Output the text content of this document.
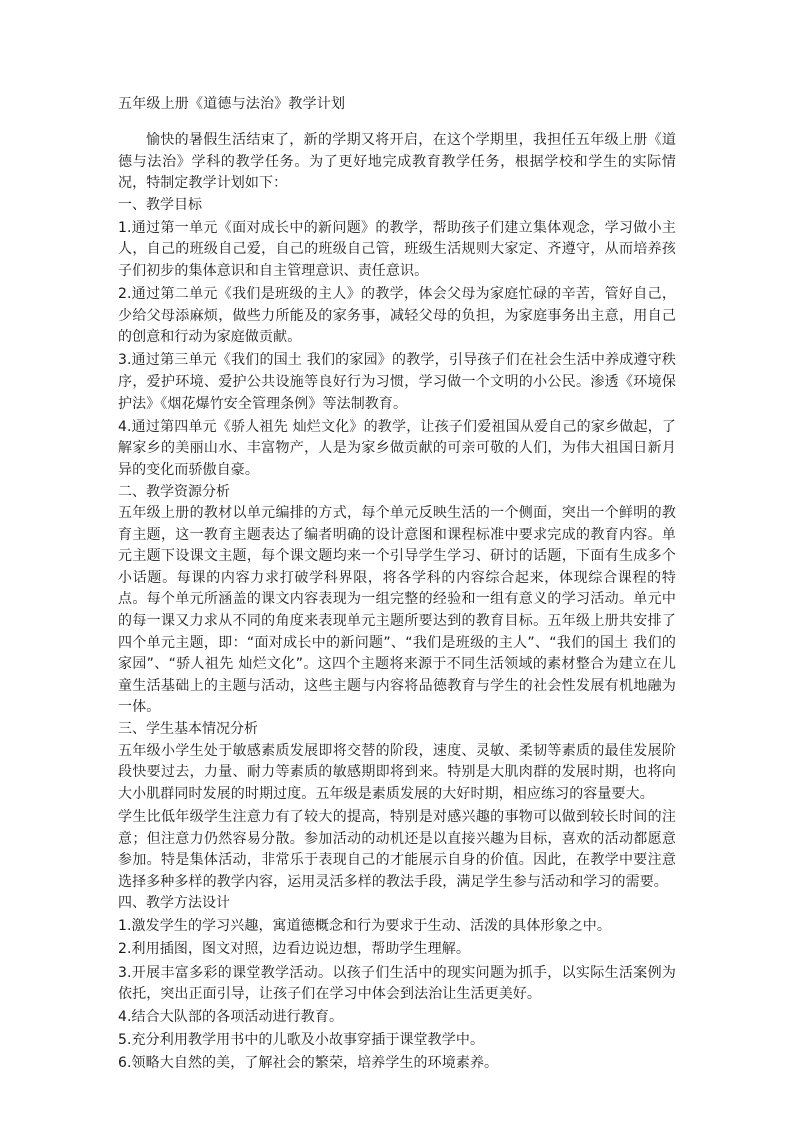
五年级上册《道德与法治》教学计划

愉快的暑假生活结束了，新的学期又将开启，在这个学期里，我担任五年级上册《道德与法治》学科的教学任务。为了更好地完成教育教学任务，根据学校和学生的实际情况，特制定教学计划如下：

一、教学目标

1.通过第一单元《面对成长中的新问题》的教学，帮助孩子们建立集体观念，学习做小主人，自己的班级自己爱，自己的班级自己管，班级生活规则大家定、齐遵守，从而培养孩子们初步的集体意识和自主管理意识、责任意识。

2.通过第二单元《我们是班级的主人》的教学，体会父母为家庭忙碌的辛苦，管好自己，少给父母添麻烦，做些力所能及的家务事，减轻父母的负担，为家庭事务出主意，用自己的创意和行动为家庭做贡献。

3.通过第三单元《我们的国土 我们的家园》的教学，引导孩子们在社会生活中养成遵守秩序，爱护环境、爱护公共设施等良好行为习惯，学习做一个文明的小公民。渗透《环境保护法》《烟花爆竹安全管理条例》等法制教育。

4.通过第四单元《骄人祖先 灿烂文化》的教学，让孩子们爱祖国从爱自己的家乡做起，了解家乡的美丽山水、丰富物产，人是为家乡做贡献的可亲可敬的人们，为伟大祖国日新月异的变化而骄傲自豪。

二、教学资源分析

五年级上册的教材以单元编排的方式，每个单元反映生活的一个侧面，突出一个鲜明的教育主题，这一教育主题表达了编者明确的设计意图和课程标准中要求完成的教育内容。单元主题下设课文主题，每个课文题均来一个引导学生学习、研讨的话题，下面有生成多个小话题。每课的内容力求打破学科界限，将各学科的内容综合起来，体现综合课程的特点。每个单元所涵盖的课文内容表现为一组完整的经验和一组有意义的学习活动。单元中的每一课又力求从不同的角度来表现单元主题所要达到的教育目标。五年级上册共安排了四个单元主题，即：“面对成长中的新问题”、“我们是班级的主人”、“我们的国土 我们的家园”、“骄人祖先 灿烂文化”。这四个主题将来源于不同生活领域的素材整合为建立在儿童生活基础上的主题与活动，这些主题与内容将品德教育与学生的社会性发展有机地融为一体。

三、学生基本情况分析

五年级小学生处于敏感素质发展即将交替的阶段，速度、灵敏、柔韧等素质的最佳发展阶段快要过去，力量、耐力等素质的敏感期即将到来。特别是大肌肉群的发展时期，也将向大小肌群同时发展的时期过度。五年级是素质发展的大好时期，相应练习的容量要大。

学生比低年级学生注意力有了较大的提高，特别是对感兴趣的事物可以做到较长时间的注意；但注意力仍然容易分散。参加活动的动机还是以直接兴趣为目标，喜欢的活动都愿意参加。特是集体活动，非常乐于表现自己的才能展示自身的价值。因此，在教学中要注意选择多种多样的教学内容，运用灵活多样的教法手段，满足学生参与活动和学习的需要。

四、教学方法设计

1.激发学生的学习兴趣，寓道德概念和行为要求于生动、活泼的具体形象之中。

2.利用插图，图文对照，边看边说边想，帮助学生理解。

3.开展丰富多彩的课堂教学活动。以孩子们生活中的现实问题为抓手，以实际生活案例为依托，突出正面引导，让孩子们在学习中体会到法治让生活更美好。

4.结合大队部的各项活动进行教育。

5.充分利用教学用书中的儿歌及小故事穿插于课堂教学中。

6.领略大自然的美，了解社会的繁荣，培养学生的环境素养。
